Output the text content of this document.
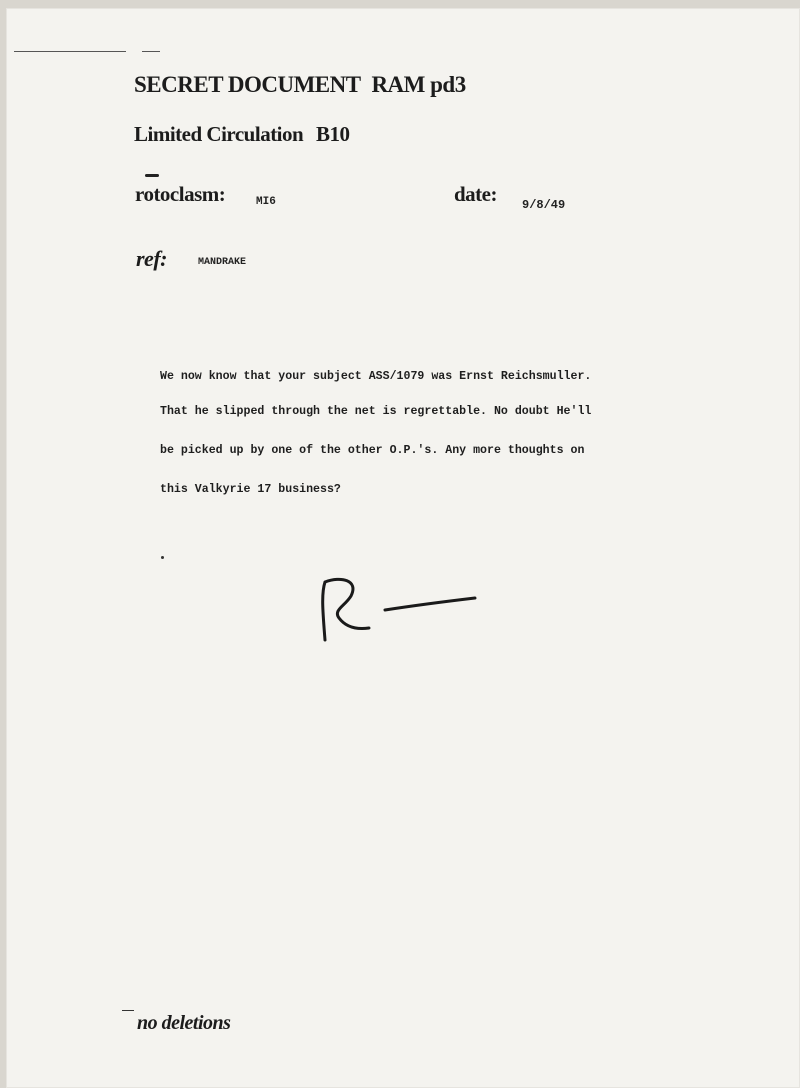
SECRET DOCUMENT RAM pd3
Limited Circulation B10
rotoclasm:	MI6	date: 9/8/49
ref:	MANDRAKE
We now know that your subject ASS/1079 was Ernst Reichsmuller.
That he slipped through the net is regrettable. No doubt He'll
be picked up by one of the other O.P.'s. Any more thoughts on
this Valkyrie 17 business?
no deletions
